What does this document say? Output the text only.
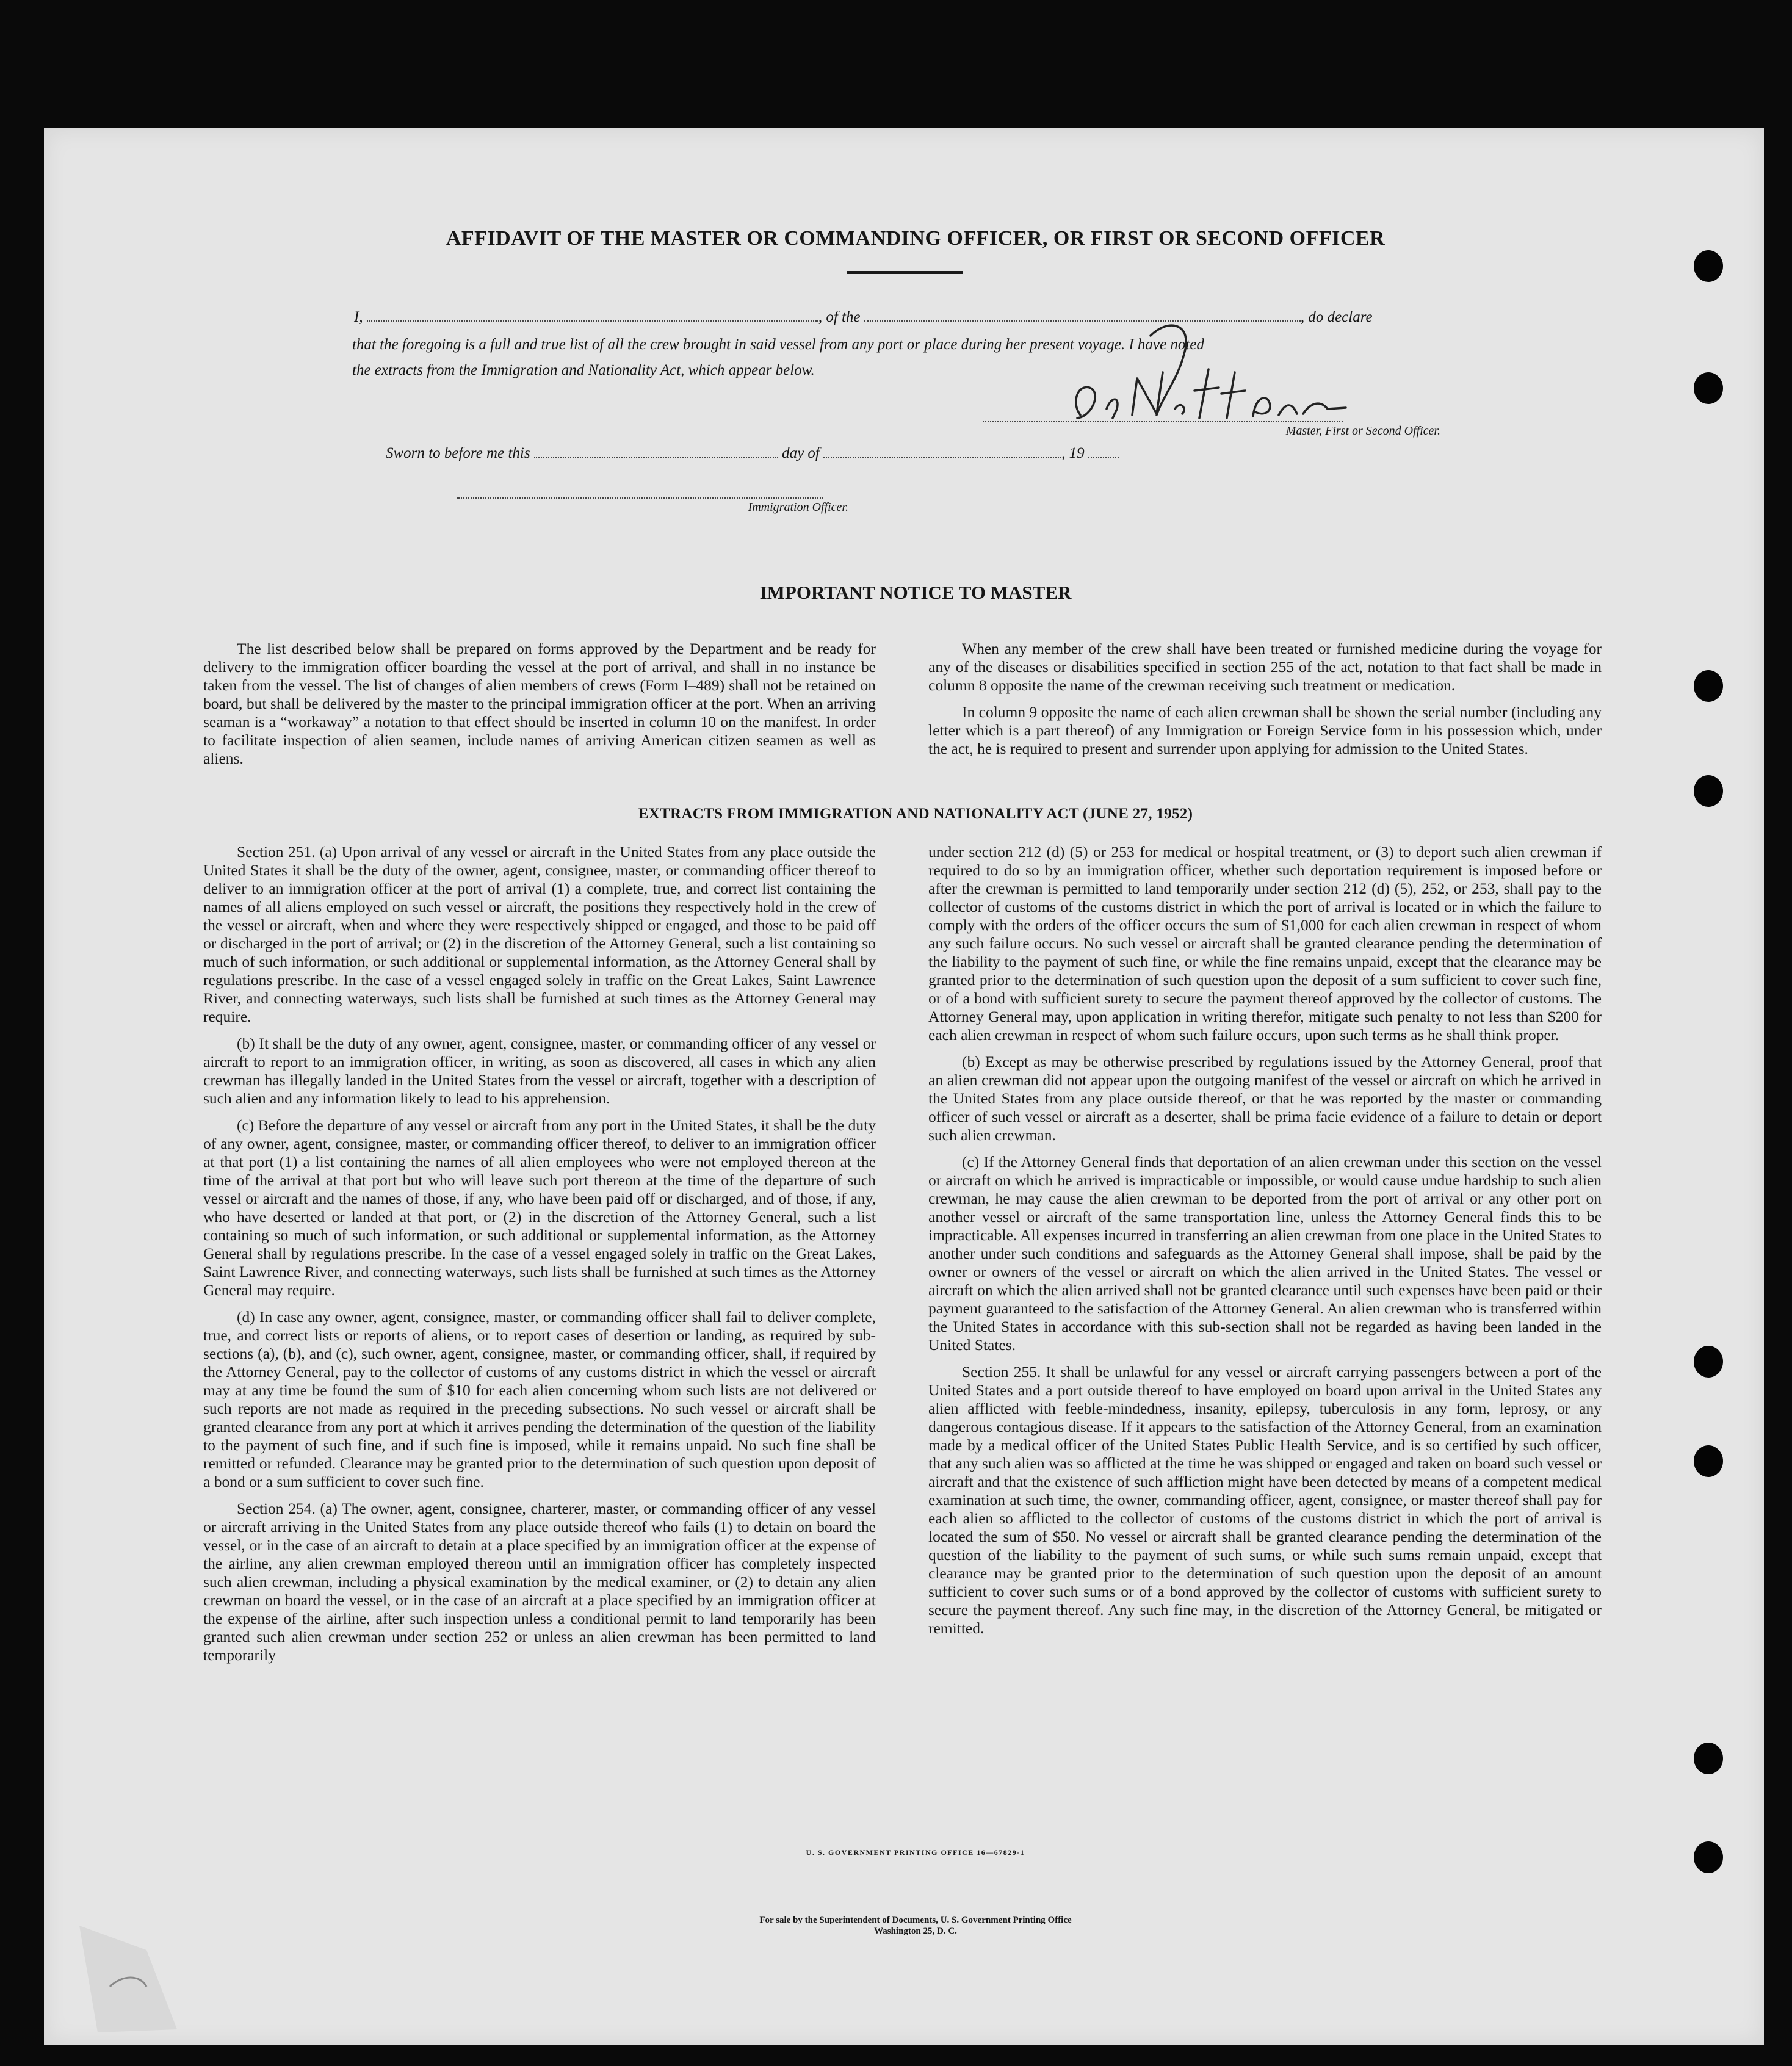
AFFIDAVIT OF THE MASTER OR COMMANDING OFFICER, OR FIRST OR SECOND OFFICER
I,	, of the	, do declare
that the foregoing is a full and true list of all the crew brought in said vessel from any port or place during her present voyage. I have noted
the extracts from the Immigration and Nationality Act, which appear below.
Master, First or Second Officer.
Sworn to before me this	day of	, 19
Immigration Officer.
IMPORTANT NOTICE TO MASTER

The list described below shall be prepared on forms approved by the Department and be ready for delivery to the immigration officer boarding the vessel at the port of arrival, and shall in no instance be taken from the vessel. The list of changes of alien members of crews (Form I–489) shall not be retained on board, but shall be delivered by the master to the principal immigration officer at the port. When an arriving seaman is a “workaway” a notation to that effect should be inserted in column 10 on the manifest. In order to facilitate inspection of alien seamen, include names of arriving American citizen seamen as well as aliens.

When any member of the crew shall have been treated or furnished medicine during the voyage for any of the diseases or disabilities specified in section 255 of the act, notation to that fact shall be made in column 8 opposite the name of the crewman receiving such treatment or medication.

In column 9 opposite the name of each alien crewman shall be shown the serial number (including any letter which is a part thereof) of any Immigration or Foreign Service form in his possession which, under the act, he is required to present and surrender upon applying for admission to the United States.

EXTRACTS FROM IMMIGRATION AND NATIONALITY ACT (JUNE 27, 1952)

Section 251. (a) Upon arrival of any vessel or aircraft in the United States from any place outside the United States it shall be the duty of the owner, agent, consignee, master, or commanding officer thereof to deliver to an immigration officer at the port of arrival (1) a complete, true, and correct list containing the names of all aliens employed on such vessel or aircraft, the positions they respectively hold in the crew of the vessel or aircraft, when and where they were respectively shipped or engaged, and those to be paid off or discharged in the port of arrival; or (2) in the discretion of the Attorney General, such a list containing so much of such information, or such additional or supplemental information, as the Attorney General shall by regulations prescribe. In the case of a vessel engaged solely in traffic on the Great Lakes, Saint Lawrence River, and connecting waterways, such lists shall be furnished at such times as the Attorney General may require.

(b) It shall be the duty of any owner, agent, consignee, master, or commanding officer of any vessel or aircraft to report to an immigration officer, in writing, as soon as discovered, all cases in which any alien crewman has illegally landed in the United States from the vessel or aircraft, together with a description of such alien and any information likely to lead to his apprehension.

(c) Before the departure of any vessel or aircraft from any port in the United States, it shall be the duty of any owner, agent, consignee, master, or commanding officer thereof, to deliver to an immigration officer at that port (1) a list containing the names of all alien employees who were not employed thereon at the time of the arrival at that port but who will leave such port thereon at the time of the departure of such vessel or aircraft and the names of those, if any, who have been paid off or discharged, and of those, if any, who have deserted or landed at that port, or (2) in the discretion of the Attorney General, such a list containing so much of such information, or such additional or supplemental information, as the Attorney General shall by regulations prescribe. In the case of a vessel engaged solely in traffic on the Great Lakes, Saint Lawrence River, and connecting waterways, such lists shall be furnished at such times as the Attorney General may require.

(d) In case any owner, agent, consignee, master, or commanding officer shall fail to deliver complete, true, and correct lists or reports of aliens, or to report cases of desertion or landing, as required by sub-sections (a), (b), and (c), such owner, agent, consignee, master, or commanding officer, shall, if required by the Attorney General, pay to the collector of customs of any customs district in which the vessel or aircraft may at any time be found the sum of $10 for each alien concerning whom such lists are not delivered or such reports are not made as required in the preceding subsections. No such vessel or aircraft shall be granted clearance from any port at which it arrives pending the determination of the question of the liability to the payment of such fine, and if such fine is imposed, while it remains unpaid. No such fine shall be remitted or refunded. Clearance may be granted prior to the determination of such question upon deposit of a bond or a sum sufficient to cover such fine.

Section 254. (a) The owner, agent, consignee, charterer, master, or commanding officer of any vessel or aircraft arriving in the United States from any place outside thereof who fails (1) to detain on board the vessel, or in the case of an aircraft to detain at a place specified by an immigration officer at the expense of the airline, any alien crewman employed thereon until an immigration officer has completely inspected such alien crewman, including a physical examination by the medical examiner, or (2) to detain any alien crewman on board the vessel, or in the case of an aircraft at a place specified by an immigration officer at the expense of the airline, after such inspection unless a conditional permit to land temporarily has been granted such alien crewman under section 252 or unless an alien crewman has been permitted to land temporarily

under section 212 (d) (5) or 253 for medical or hospital treatment, or (3) to deport such alien crewman if required to do so by an immigration officer, whether such deportation requirement is imposed before or after the crewman is permitted to land temporarily under section 212 (d) (5), 252, or 253, shall pay to the collector of customs of the customs district in which the port of arrival is located or in which the failure to comply with the orders of the officer occurs the sum of $1,000 for each alien crewman in respect of whom any such failure occurs. No such vessel or aircraft shall be granted clearance pending the determination of the liability to the payment of such fine, or while the fine remains unpaid, except that the clearance may be granted prior to the determination of such question upon the deposit of a sum sufficient to cover such fine, or of a bond with sufficient surety to secure the payment thereof approved by the collector of customs. The Attorney General may, upon application in writing therefor, mitigate such penalty to not less than $200 for each alien crewman in respect of whom such failure occurs, upon such terms as he shall think proper.

(b) Except as may be otherwise prescribed by regulations issued by the Attorney General, proof that an alien crewman did not appear upon the outgoing manifest of the vessel or aircraft on which he arrived in the United States from any place outside thereof, or that he was reported by the master or commanding officer of such vessel or aircraft as a deserter, shall be prima facie evidence of a failure to detain or deport such alien crewman.

(c) If the Attorney General finds that deportation of an alien crewman under this section on the vessel or aircraft on which he arrived is impracticable or impossible, or would cause undue hardship to such alien crewman, he may cause the alien crewman to be deported from the port of arrival or any other port on another vessel or aircraft of the same transportation line, unless the Attorney General finds this to be impracticable. All expenses incurred in transferring an alien crewman from one place in the United States to another under such conditions and safeguards as the Attorney General shall impose, shall be paid by the owner or owners of the vessel or aircraft on which the alien arrived in the United States. The vessel or aircraft on which the alien arrived shall not be granted clearance until such expenses have been paid or their payment guaranteed to the satisfaction of the Attorney General. An alien crewman who is transferred within the United States in accordance with this sub-section shall not be regarded as having been landed in the United States.

Section 255. It shall be unlawful for any vessel or aircraft carrying passengers between a port of the United States and a port outside thereof to have employed on board upon arrival in the United States any alien afflicted with feeble-mindedness, insanity, epilepsy, tuberculosis in any form, leprosy, or any dangerous contagious disease. If it appears to the satisfaction of the Attorney General, from an examination made by a medical officer of the United States Public Health Service, and is so certified by such officer, that any such alien was so afflicted at the time he was shipped or engaged and taken on board such vessel or aircraft and that the existence of such affliction might have been detected by means of a competent medical examination at such time, the owner, commanding officer, agent, consignee, or master thereof shall pay for each alien so afflicted to the collector of customs of the customs district in which the port of arrival is located the sum of $50. No vessel or aircraft shall be granted clearance pending the determination of the question of the liability to the payment of such sums, or while such sums remain unpaid, except that clearance may be granted prior to the determination of such question upon the deposit of an amount sufficient to cover such sums or of a bond approved by the collector of customs with sufficient surety to secure the payment thereof. Any such fine may, in the discretion of the Attorney General, be mitigated or remitted.

U. S. GOVERNMENT PRINTING OFFICE 16—67829-1
For sale by the Superintendent of Documents, U. S. Government Printing Office
Washington 25, D. C.
